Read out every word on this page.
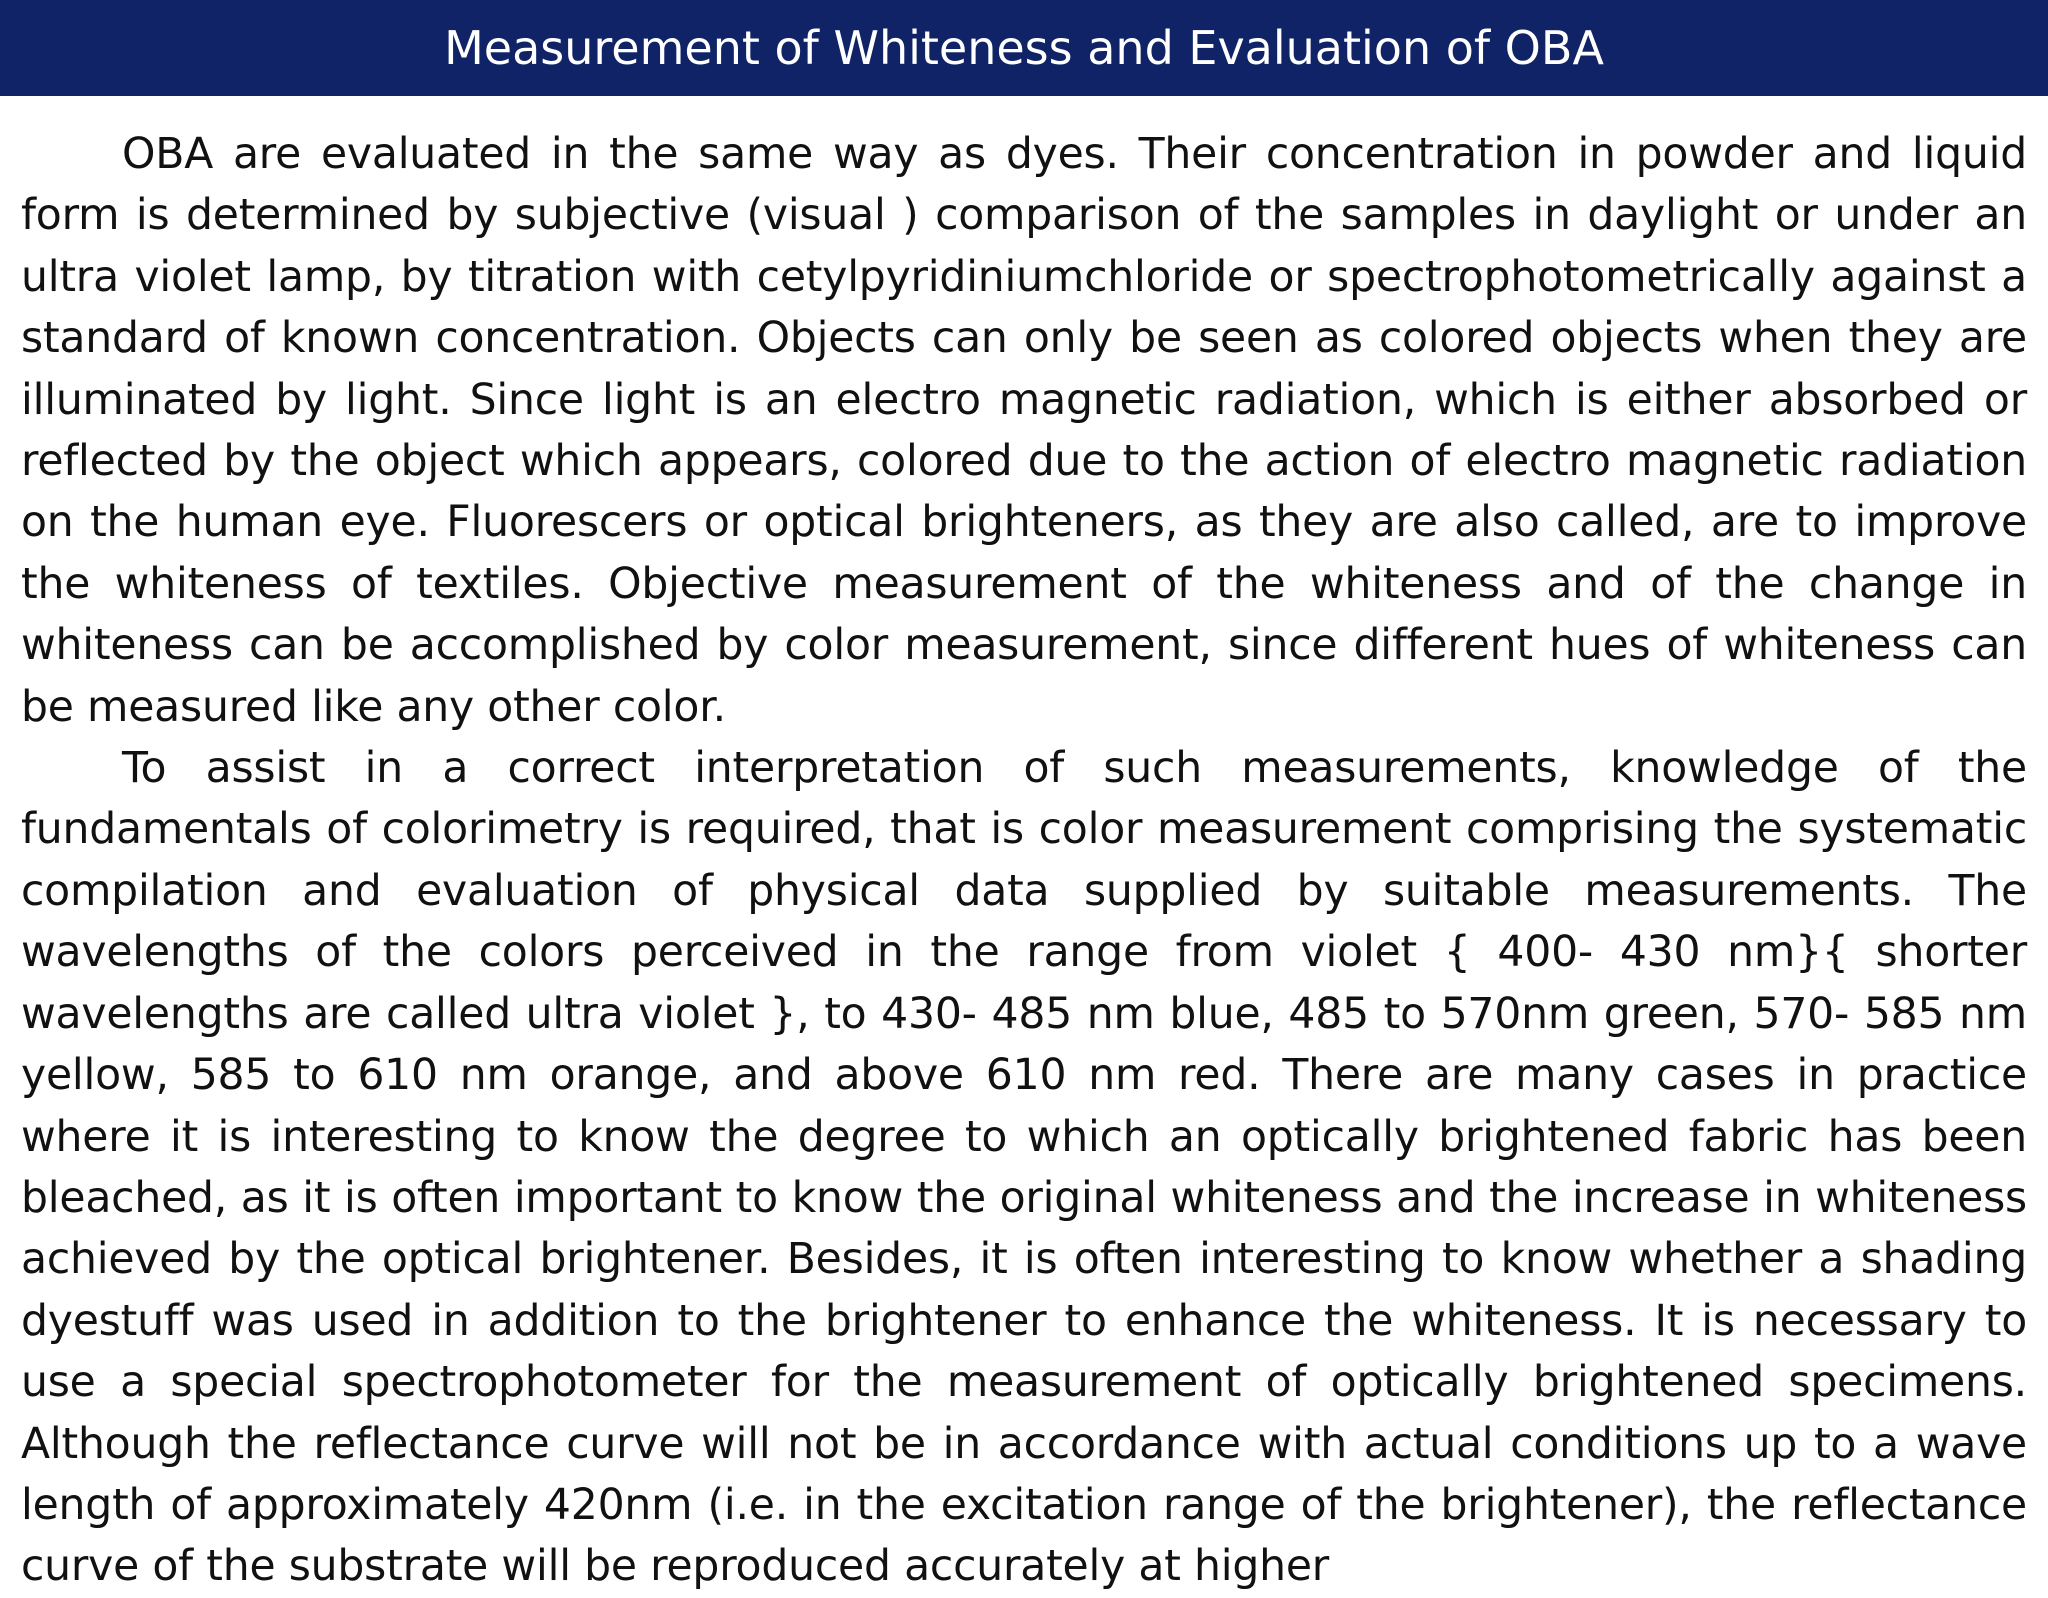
Measurement of Whiteness and Evaluation of OBA

OBA are evaluated in the same way as dyes. Their concentration in powder and liquid form is determined by subjective (visual ) comparison of the samples in daylight or under an ultra violet lamp, by titration with cetylpyridiniumchloride or spectrophotometrically against a standard of known concentration. Objects can only be seen as colored objects when they are illuminated by light. Since light is an electro magnetic radiation, which is either absorbed or reflected by the object which appears, colored due to the action of electro magnetic radiation on the human eye. Fluorescers or optical brighteners, as they are also called, are to improve the whiteness of textiles. Objective measurement of the whiteness and of the change in whiteness can be accomplished by color measurement, since different hues of whiteness can be measured like any other color.

To assist in a correct interpretation of such measurements, knowledge of the fundamentals of colorimetry is required, that is color measurement comprising the systematic compilation and evaluation of physical data supplied by suitable measurements. The wavelengths of the colors perceived in the range from violet { 400- 430 nm}{ shorter wavelengths are called ultra violet }, to 430- 485 nm blue, 485 to 570nm green, 570- 585 nm yellow, 585 to 610 nm orange, and above 610 nm red. There are many cases in practice where it is interesting to know the degree to which an optically brightened fabric has been bleached, as it is often important to know the original whiteness and the increase in whiteness achieved by the optical brightener. Besides, it is often interesting to know whether a shading dyestuff was used in addition to the brightener to enhance the whiteness. It is necessary to use a special spectrophotometer for the measurement of optically brightened specimens. Although the reflectance curve will not be in accordance with actual conditions up to a wave length of approximately 420nm (i.e. in the excitation range of the brightener), the reflectance curve of the substrate will be reproduced accurately at higher
